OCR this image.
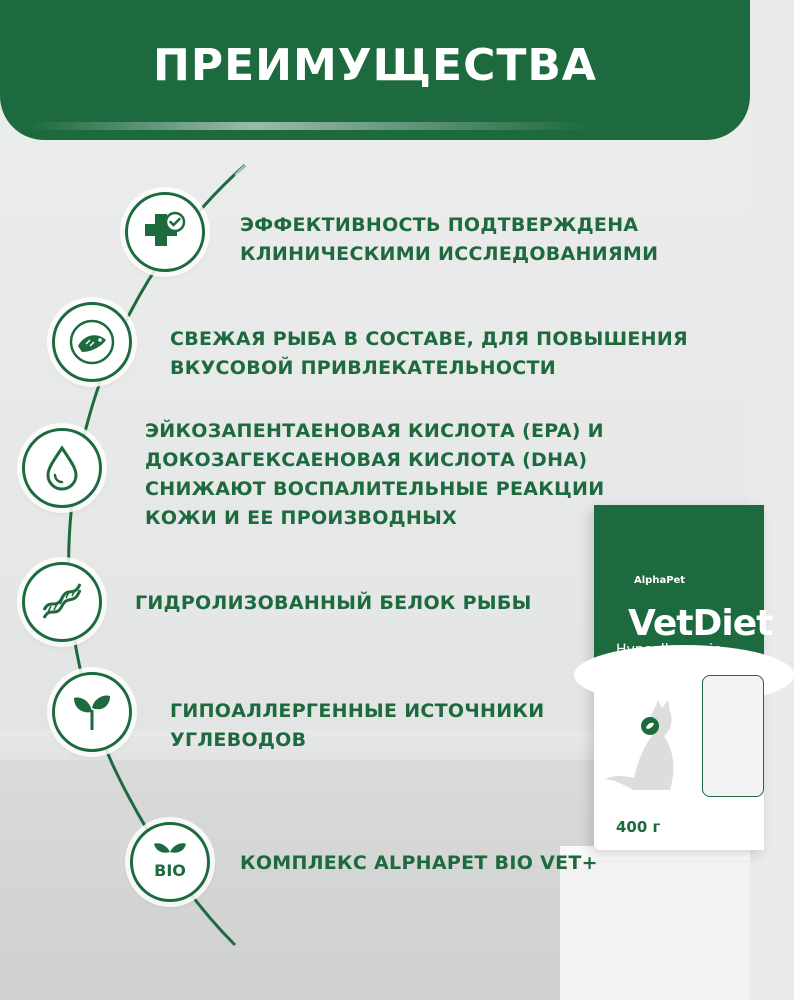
ПРЕИМУЩЕСТВА
ЭФФЕКТИВНОСТЬ ПОДТВЕРЖДЕНА
КЛИНИЧЕСКИМИ ИССЛЕДОВАНИЯМИ
СВЕЖАЯ РЫБА В СОСТАВЕ, ДЛЯ ПОВЫШЕНИЯ
ВКУСОВОЙ ПРИВЛЕКАТЕЛЬНОСТИ
ЭЙКОЗАПЕНТАЕНОВАЯ КИСЛОТА (EPA) И
ДОКОЗАГЕКСАЕНОВАЯ КИСЛОТА (DHA)
СНИЖАЮТ ВОСПАЛИТЕЛЬНЫЕ РЕАКЦИИ
КОЖИ И ЕЕ ПРОИЗВОДНЫХ
ГИДРОЛИЗОВАННЫЙ БЕЛОК РЫБЫ
ГИПОАЛЛЕРГЕННЫЕ ИСТОЧНИКИ
УГЛЕВОДОВ
BIO	КОМПЛЕКС ALPHAPET BIO VET+
AlphaPet
VetDiet
Hypoallergenic
400 г
